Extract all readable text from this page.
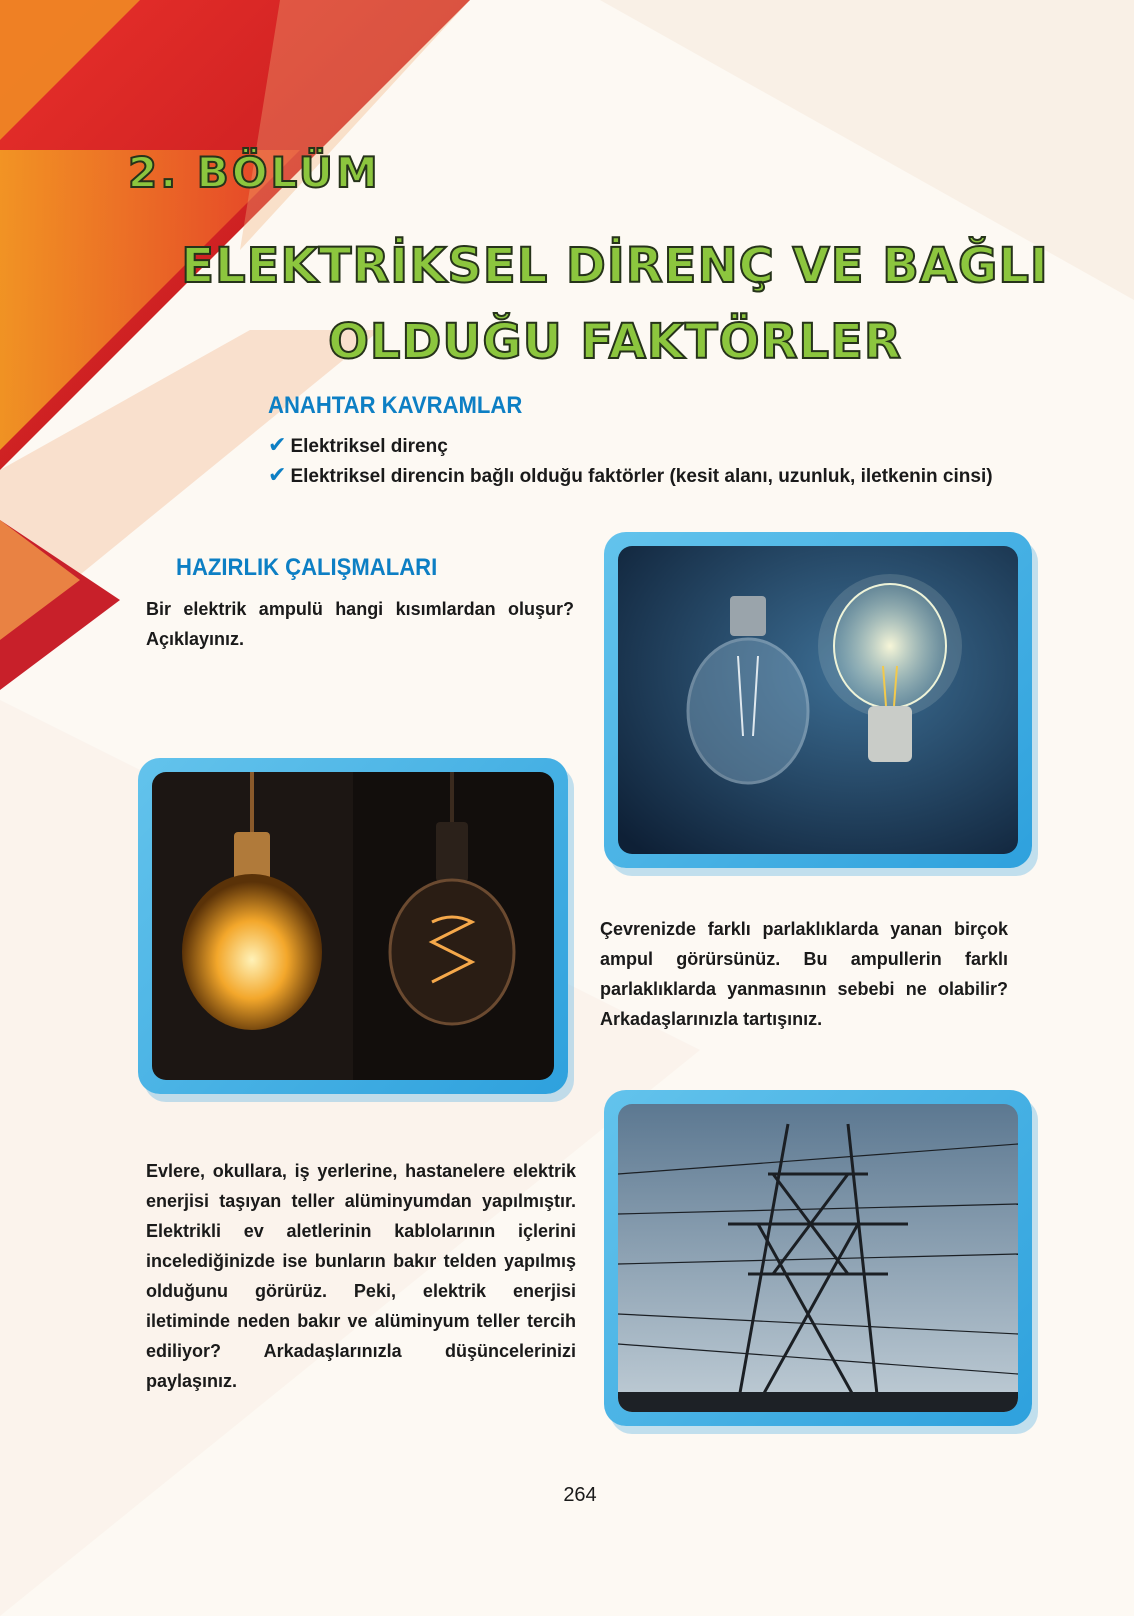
2. BÖLÜM
ELEKTRİKSEL DİRENÇ VE BAĞLI
OLDUĞU FAKTÖRLER
ANAHTAR KAVRAMLAR
✔ Elektriksel direnç
✔ Elektriksel direncin bağlı olduğu faktörler (kesit alanı, uzunluk, iletkenin cinsi)
HAZIRLIK ÇALIŞMALARI
Bir elektrik ampulü hangi kısımlardan oluşur? Açıklayınız.
Çevrenizde farklı parlaklıklarda yanan birçok ampul görürsünüz. Bu ampullerin farklı parlaklıklarda yanmasının sebebi ne olabilir? Arkadaşlarınızla tartışınız.
Evlere, okullara, iş yerlerine, hastanelere elektrik enerjisi taşıyan teller alüminyumdan yapılmıştır. Elektrikli ev aletlerinin kablolarının içlerini incelediğinizde ise bunların bakır telden yapılmış olduğunu görürüz. Peki, elektrik enerjisi iletiminde neden bakır ve alüminyum teller tercih ediliyor? Arkadaşlarınızla düşüncelerinizi paylaşınız.
264
